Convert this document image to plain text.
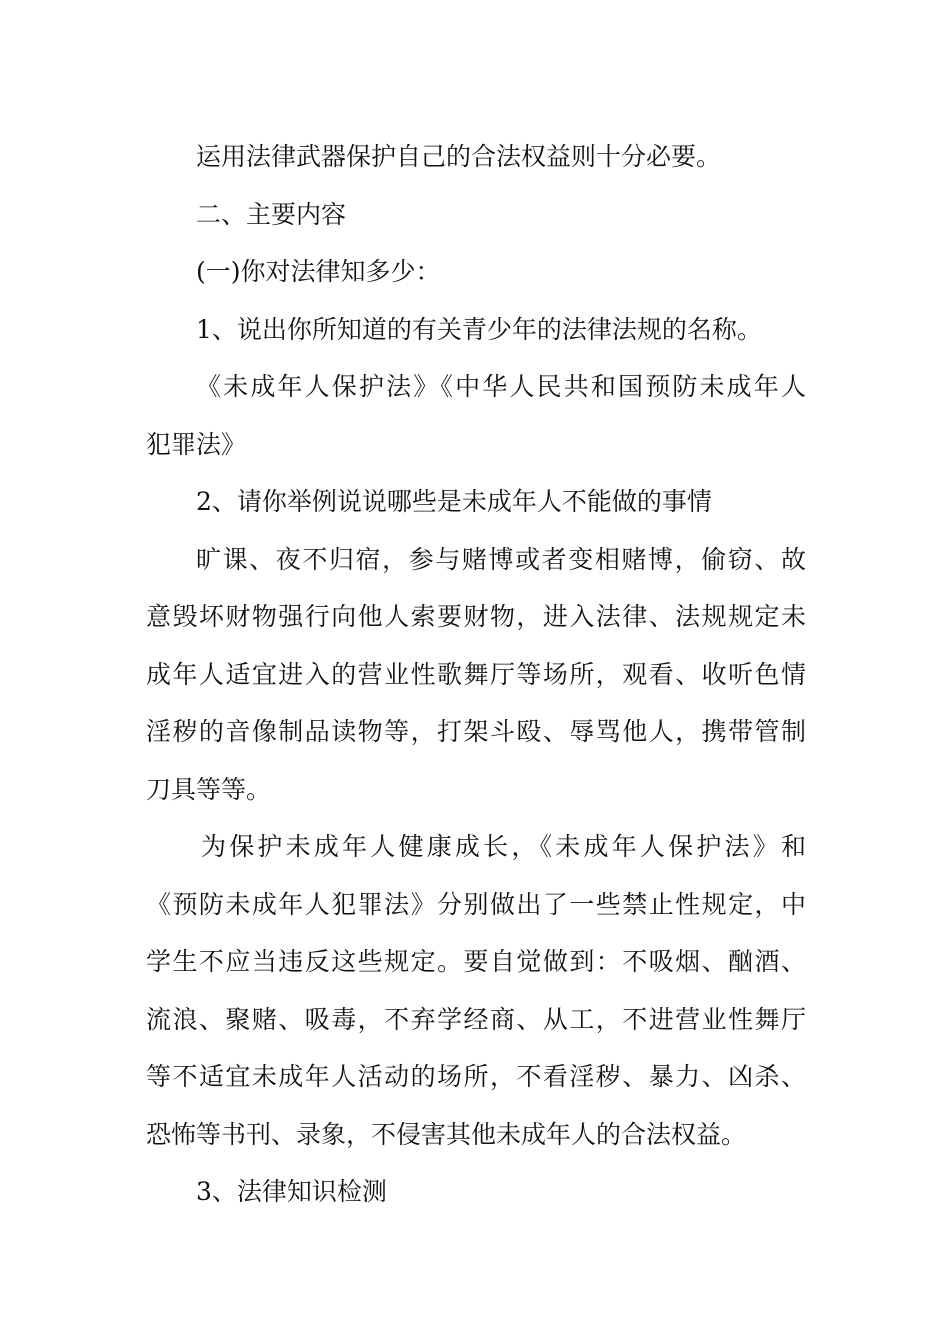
运用法律武器保护自己的合法权益则十分必要。
二、主要内容
(一)你对法律知多少：
1、说出你所知道的有关青少年的法律法规的名称。
《未成年人保护法》《中华人民共和国预防未成年人
犯罪法》
2、请你举例说说哪些是未成年人不能做的事情
旷课、夜不归宿，参与赌博或者变相赌博，偷窃、故
意毁坏财物强行向他人索要财物，进入法律、法规规定未
成年人适宜进入的营业性歌舞厅等场所，观看、收听色情
淫秽的音像制品读物等，打架斗殴、辱骂他人，携带管制
刀具等等。
为保护未成年人健康成长，《未成年人保护法》和
《预防未成年人犯罪法》分别做出了一些禁止性规定，中
学生不应当违反这些规定。要自觉做到：不吸烟、酗酒、
流浪、聚赌、吸毒，不弃学经商、从工，不进营业性舞厅
等不适宜未成年人活动的场所，不看淫秽、暴力、凶杀、
恐怖等书刊、录象，不侵害其他未成年人的合法权益。
3、法律知识检测
